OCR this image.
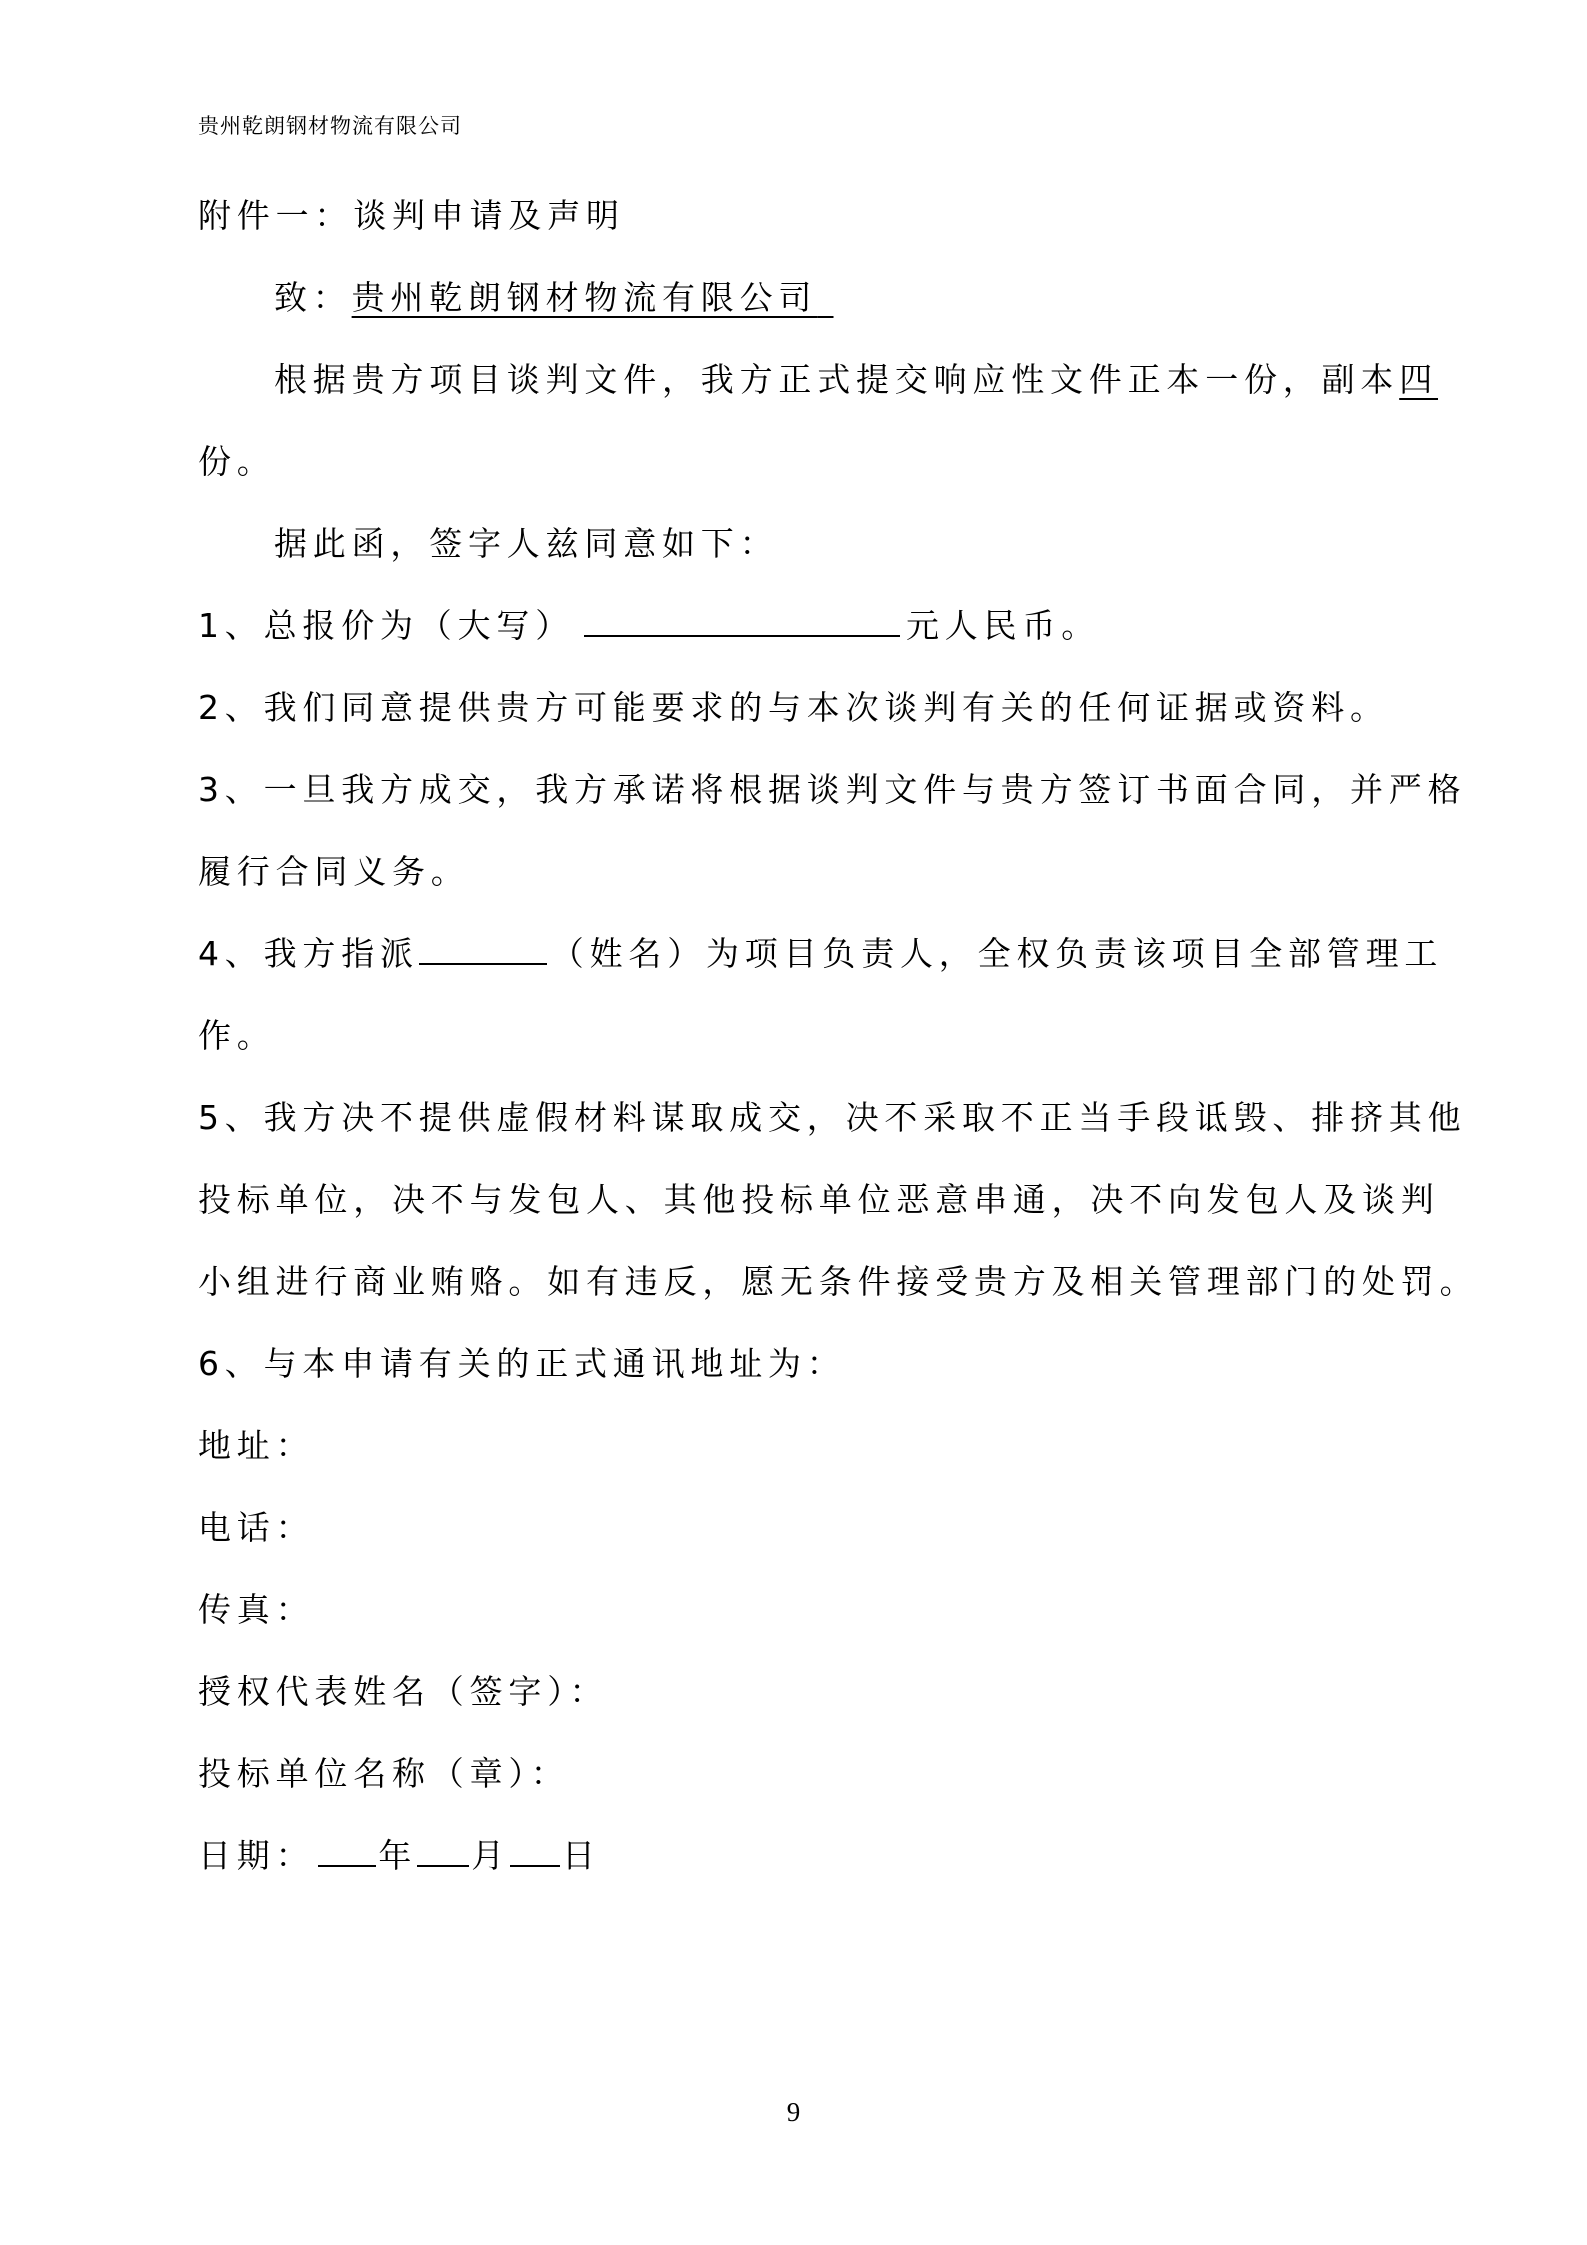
贵州乾朗钢材物流有限公司
附件一：谈判申请及声明
致：贵州乾朗钢材物流有限公司
根据贵方项目谈判文件，我方正式提交响应性文件正本一份，副本四
份。
据此函，签字人兹同意如下：
1、总报价为（大写）	元人民币。
2、我们同意提供贵方可能要求的与本次谈判有关的任何证据或资料。
3、一旦我方成交，我方承诺将根据谈判文件与贵方签订书面合同，并严格
履行合同义务。
4、我方指派	（姓名）为项目负责人，全权负责该项目全部管理工
作。
5、我方决不提供虚假材料谋取成交，决不采取不正当手段诋毁、排挤其他
投标单位，决不与发包人、其他投标单位恶意串通，决不向发包人及谈判
小组进行商业贿赂。如有违反，愿无条件接受贵方及相关管理部门的处罚。
6、与本申请有关的正式通讯地址为：
地址：
电话：
传真：
授权代表姓名（签字）：
投标单位名称（章）：
日期： 年 月 日
9
